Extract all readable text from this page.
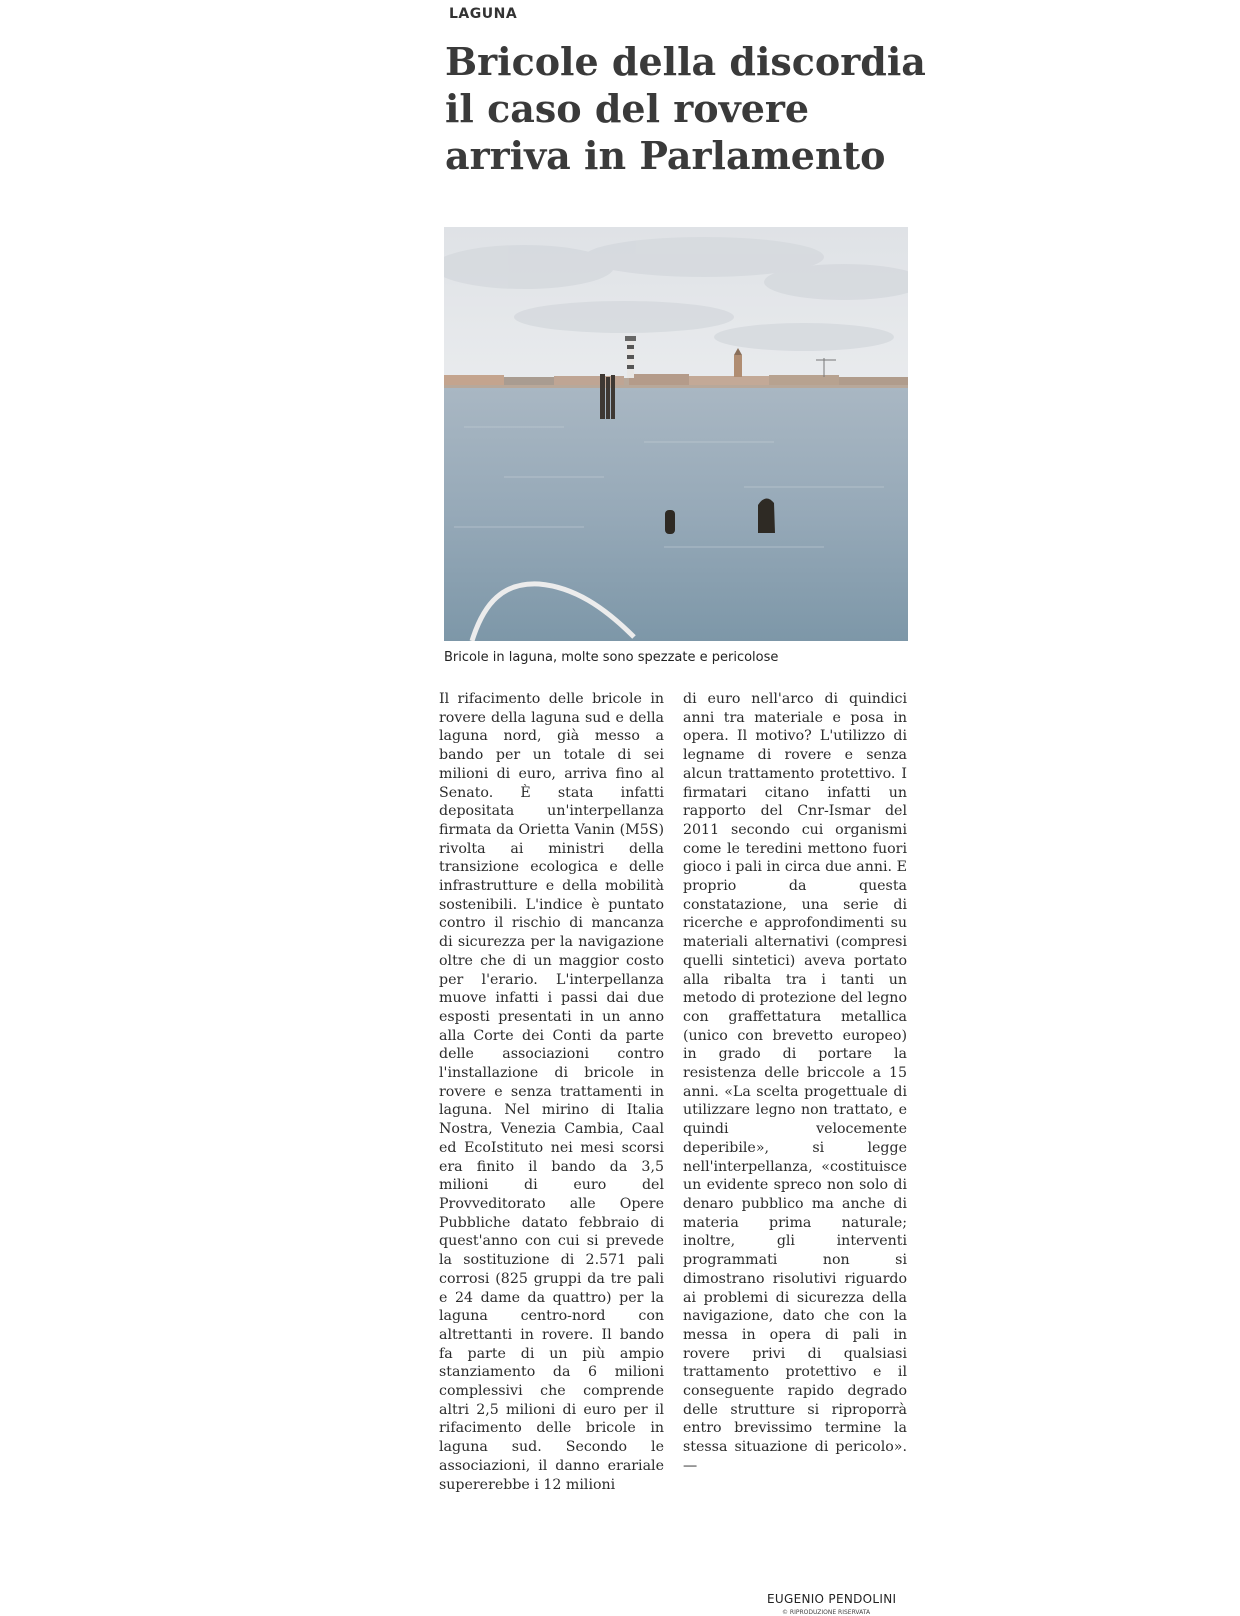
LAGUNA
Bricole della discordia
il caso del rovere
arriva in Parlamento
Bricole in laguna, molte sono spezzate e pericolose

Il rifacimento delle bricole in rovere della laguna sud e della laguna nord, già messo a bando per un totale di sei milioni di euro, arriva fino al Senato. È stata infatti depositata un'interpellanza firmata da Orietta Vanin (M5S) rivolta ai ministri della transizione ecologica e delle infrastrutture e della mobilità sostenibili. L'indice è puntato contro il rischio di mancanza di sicurezza per la navigazione oltre che di un maggior costo per l'erario. L'interpellanza muove infatti i passi dai due esposti presentati in un anno alla Corte dei Conti da parte delle associazioni contro l'installazione di bricole in rovere e senza trattamenti in laguna. Nel mirino di Italia Nostra, Venezia Cambia, Caal ed EcoIstituto nei mesi scorsi era finito il bando da 3,5 milioni di euro del Provveditorato alle Opere Pubbliche datato febbraio di quest'anno con cui si prevede la sostituzione di 2.571 pali corrosi (825 gruppi da tre pali e 24 dame da quattro) per la laguna centro-nord con altrettanti in rovere. Il bando fa parte di un più ampio stanziamento da 6 milioni complessivi che comprende altri 2,5 milioni di euro per il rifacimento delle bricole in laguna sud. Secondo le associazioni, il danno erariale supererebbe i 12 milioni

di euro nell'arco di quindici anni tra materiale e posa in opera. Il motivo? L'utilizzo di legname di rovere e senza alcun trattamento protettivo. I firmatari citano infatti un rapporto del Cnr-Ismar del 2011 secondo cui organismi come le teredini mettono fuori gioco i pali in circa due anni. E proprio da questa constatazione, una serie di ricerche e approfondimenti su materiali alternativi (compresi quelli sintetici) aveva portato alla ribalta tra i tanti un metodo di protezione del legno con graffettatura metallica (unico con brevetto europeo) in grado di portare la resistenza delle briccole a 15 anni. «La scelta progettuale di utilizzare legno non trattato, e quindi velocemente deperibile», si legge nell'interpellanza, «costituisce un evidente spreco non solo di denaro pubblico ma anche di materia prima naturale; inoltre, gli interventi programmati non si dimostrano risolutivi riguardo ai problemi di sicurezza della navigazione, dato che con la messa in opera di pali in rovere privi di qualsiasi trattamento protettivo e il conseguente rapido degrado delle strutture si riproporrà entro brevissimo termine la stessa situazione di pericolo». —

EUGENIO PENDOLINI
© RIPRODUZIONE RISERVATA
